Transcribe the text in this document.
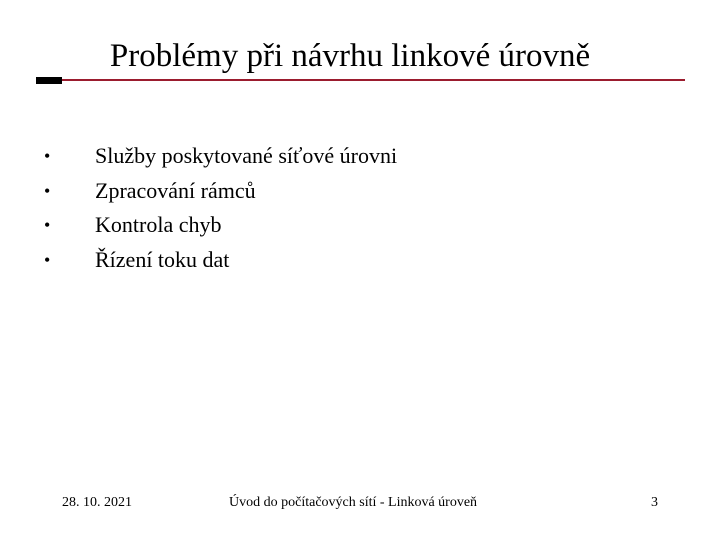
Problémy při návrhu linkové úrovně
•	Služby poskytované síťové úrovni
•	Zpracování rámců
•	Kontrola chyb
•	Řízení toku dat
28. 10. 2021	Úvod do počítačových sítí - Linková úroveň	3
